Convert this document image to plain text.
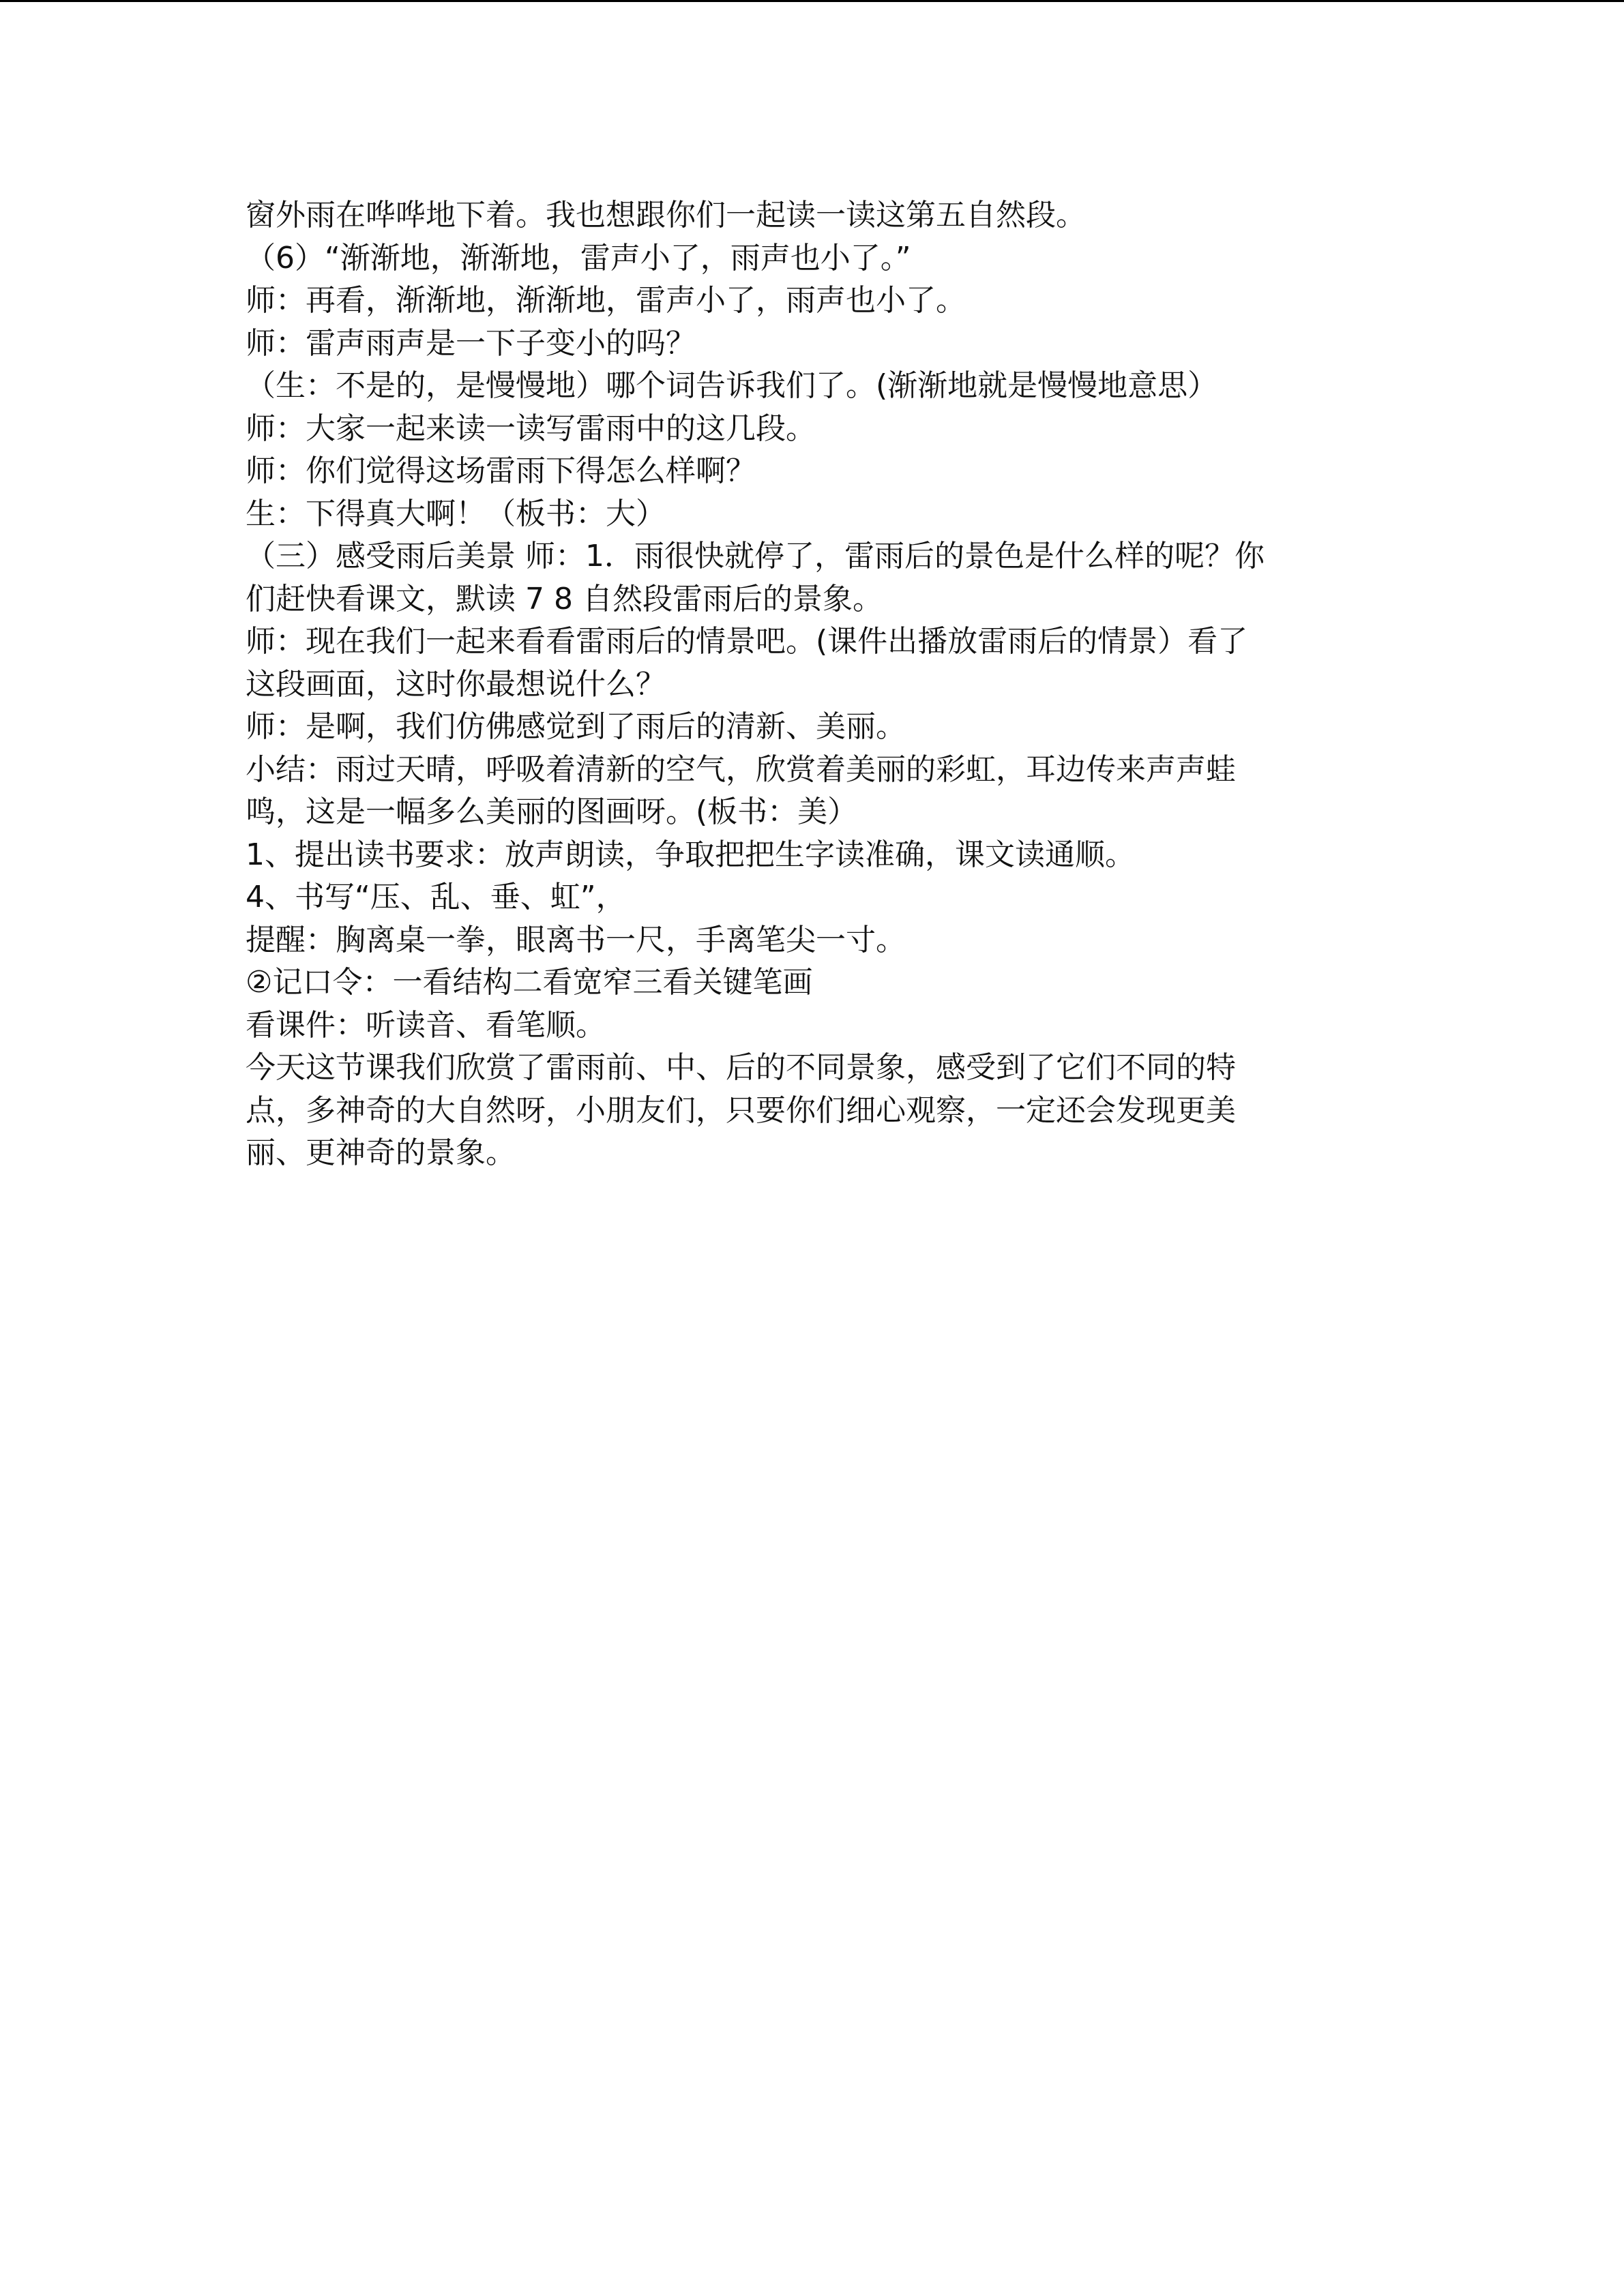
窗外雨在哗哗地下着。我也想跟你们一起读一读这第五自然段。
（6）“渐渐地，渐渐地，雷声小了，雨声也小了。”
师：再看，渐渐地，渐渐地，雷声小了，雨声也小了。
师：雷声雨声是一下子变小的吗？
（生：不是的，是慢慢地）哪个词告诉我们了。(渐渐地就是慢慢地意思）
师：大家一起来读一读写雷雨中的这几段。
师：你们觉得这场雷雨下得怎么样啊？
生：下得真大啊！（板书：大）
（三）感受雨后美景 师：1．雨很快就停了，雷雨后的景色是什么样的呢？你
们赶快看课文，默读 7 8 自然段雷雨后的景象。
师：现在我们一起来看看雷雨后的情景吧。(课件出播放雷雨后的情景）看了
这段画面，这时你最想说什么？
师：是啊，我们仿佛感觉到了雨后的清新、美丽。
小结：雨过天晴，呼吸着清新的空气，欣赏着美丽的彩虹，耳边传来声声蛙
鸣，这是一幅多么美丽的图画呀。(板书：美）
1、提出读书要求：放声朗读，争取把把生字读准确，课文读通顺。
4、书写“压、乱、垂、虹”，
提醒：胸离桌一拳，眼离书一尺，手离笔尖一寸。
②记口令：一看结构二看宽窄三看关键笔画
看课件：听读音、看笔顺。
今天这节课我们欣赏了雷雨前、中、后的不同景象，感受到了它们不同的特
点，多神奇的大自然呀，小朋友们，只要你们细心观察，一定还会发现更美
丽、更神奇的景象。
